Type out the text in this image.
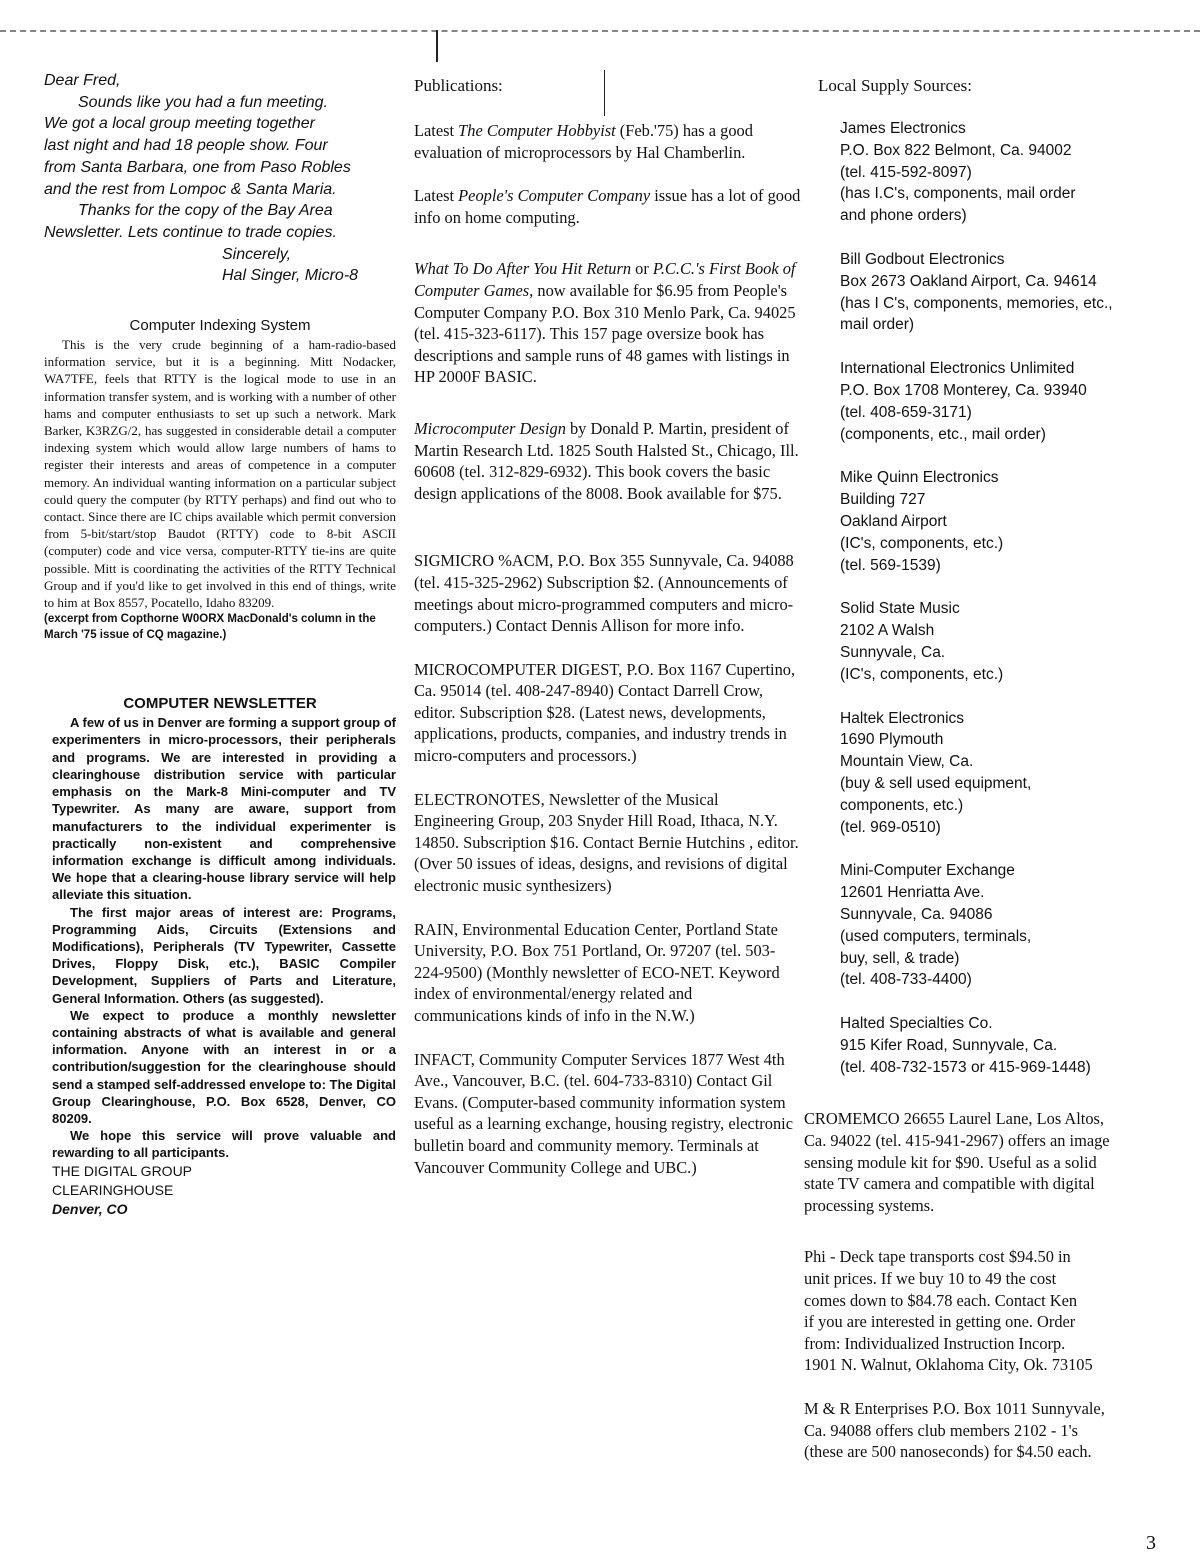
Dear Fred,
Sounds like you had a fun meeting.
We got a local group meeting together
last night and had 18 people show. Four
from Santa Barbara, one from Paso Robles
and the rest from Lompoc & Santa Maria.
Thanks for the copy of the Bay Area
Newsletter. Lets continue to trade copies.
Sincerely,
Hal Singer, Micro-8
Computer Indexing System

This is the very crude beginning of a ham-radio-based information service, but it is a beginning. Mitt Nodacker, WA7TFE, feels that RTTY is the logical mode to use in an information transfer system, and is working with a number of other hams and computer enthusiasts to set up such a network. Mark Barker, K3RZG/2, has suggested in considerable detail a computer indexing system which would allow large numbers of hams to register their interests and areas of competence in a computer memory. An individual wanting information on a particular subject could query the computer (by RTTY perhaps) and find out who to contact. Since there are IC chips available which permit conversion from 5-bit/start/stop Baudot (RTTY) code to 8-bit ASCII (computer) code and vice versa, computer-RTTY tie-ins are quite possible. Mitt is coordinating the activities of the RTTY Technical Group and if you'd like to get involved in this end of things, write to him at Box 8557, Pocatello, Idaho 83209.

(excerpt from Copthorne W0ORX MacDonald's column in the March '75 issue of CQ magazine.)

COMPUTER NEWSLETTER

A few of us in Denver are forming a support group of experimenters in micro-processors, their peripherals and programs. We are interested in providing a clearinghouse distribution service with particular emphasis on the Mark-8 Mini-computer and TV Typewriter. As many are aware, support from manufacturers to the individual experimenter is practically non-existent and comprehensive information exchange is difficult among individuals. We hope that a clearing-house library service will help alleviate this situation.

The first major areas of interest are: Programs, Programming Aids, Circuits (Extensions and Modifications), Peripherals (TV Typewriter, Cassette Drives, Floppy Disk, etc.), BASIC Compiler Development, Suppliers of Parts and Literature, General Information. Others (as suggested).

We expect to produce a monthly newsletter containing abstracts of what is available and general information. Anyone with an interest in or a contribution/suggestion for the clearinghouse should send a stamped self-addressed envelope to: The Digital Group Clearinghouse, P.O. Box 6528, Denver, CO 80209.

We hope this service will prove valuable and rewarding to all participants.

THE DIGITAL GROUP
CLEARINGHOUSE
Denver, CO
Publications:

Latest The Computer Hobbyist (Feb.'75) has a good evaluation of microprocessors by Hal Chamberlin.

Latest People's Computer Company issue has a lot of good info on home computing.

What To Do After You Hit Return or P.C.C.'s First Book of Computer Games, now available for $6.95 from People's Computer Company P.O. Box 310 Menlo Park, Ca. 94025 (tel. 415-323-6117). This 157 page oversize book has descriptions and sample runs of 48 games with listings in HP 2000F BASIC.

Microcomputer Design by Donald P. Martin, president of Martin Research Ltd. 1825 South Halsted St., Chicago, Ill. 60608 (tel. 312-829-6932). This book covers the basic design applications of the 8008. Book available for $75.

SIGMICRO %ACM, P.O. Box 355 Sunnyvale, Ca. 94088 (tel. 415-325-2962) Subscription $2. (Announcements of meetings about micro-programmed computers and micro-computers.) Contact Dennis Allison for more info.

MICROCOMPUTER DIGEST, P.O. Box 1167 Cupertino, Ca. 95014 (tel. 408-247-8940) Contact Darrell Crow, editor. Subscription $28. (Latest news, developments, applications, products, companies, and industry trends in micro-computers and processors.)

ELECTRONOTES, Newsletter of the Musical Engineering Group, 203 Snyder Hill Road, Ithaca, N.Y. 14850. Subscription $16. Contact Bernie Hutchins , editor. (Over 50 issues of ideas, designs, and revisions of digital electronic music synthesizers)

RAIN, Environmental Education Center, Portland State University, P.O. Box 751 Portland, Or. 97207 (tel. 503-224-9500) (Monthly newsletter of ECO-NET. Keyword index of environmental/energy related and communications kinds of info in the N.W.)

INFACT, Community Computer Services 1877 West 4th Ave., Vancouver, B.C. (tel. 604-733-8310) Contact Gil Evans. (Computer-based community information system useful as a learning exchange, housing registry, electronic bulletin board and community memory. Terminals at Vancouver Community College and UBC.)

Local Supply Sources:

James Electronics
P.O. Box 822 Belmont, Ca. 94002
(tel. 415-592-8097)
(has I.C's, components, mail order
and phone orders)

Bill Godbout Electronics
Box 2673 Oakland Airport, Ca. 94614
(has I C's, components, memories, etc.,
mail order)

International Electronics Unlimited
P.O. Box 1708 Monterey, Ca. 93940
(tel. 408-659-3171)
(components, etc., mail order)

Mike Quinn Electronics
Building 727
Oakland Airport
(IC's, components, etc.)
(tel. 569-1539)

Solid State Music
2102 A Walsh
Sunnyvale, Ca.
(IC's, components, etc.)

Haltek Electronics
1690 Plymouth
Mountain View, Ca.
(buy & sell used equipment,
components, etc.)
(tel. 969-0510)

Mini-Computer Exchange
12601 Henriatta Ave.
Sunnyvale, Ca. 94086
(used computers, terminals,
buy, sell, & trade)
(tel. 408-733-4400)

Halted Specialties Co.
915 Kifer Road, Sunnyvale, Ca.
(tel. 408-732-1573 or 415-969-1448)

CROMEMCO 26655 Laurel Lane, Los Altos,
Ca. 94022 (tel. 415-941-2967) offers an image
sensing module kit for $90. Useful as a solid
state TV camera and compatible with digital
processing systems.

Phi - Deck tape transports cost $94.50 in
unit prices. If we buy 10 to 49 the cost
comes down to $84.78 each. Contact Ken
if you are interested in getting one. Order
from: Individualized Instruction Incorp.
1901 N. Walnut, Oklahoma City, Ok. 73105

M & R Enterprises P.O. Box 1011 Sunnyvale,
Ca. 94088 offers club members 2102 - 1's
(these are 500 nanoseconds) for $4.50 each.

3
